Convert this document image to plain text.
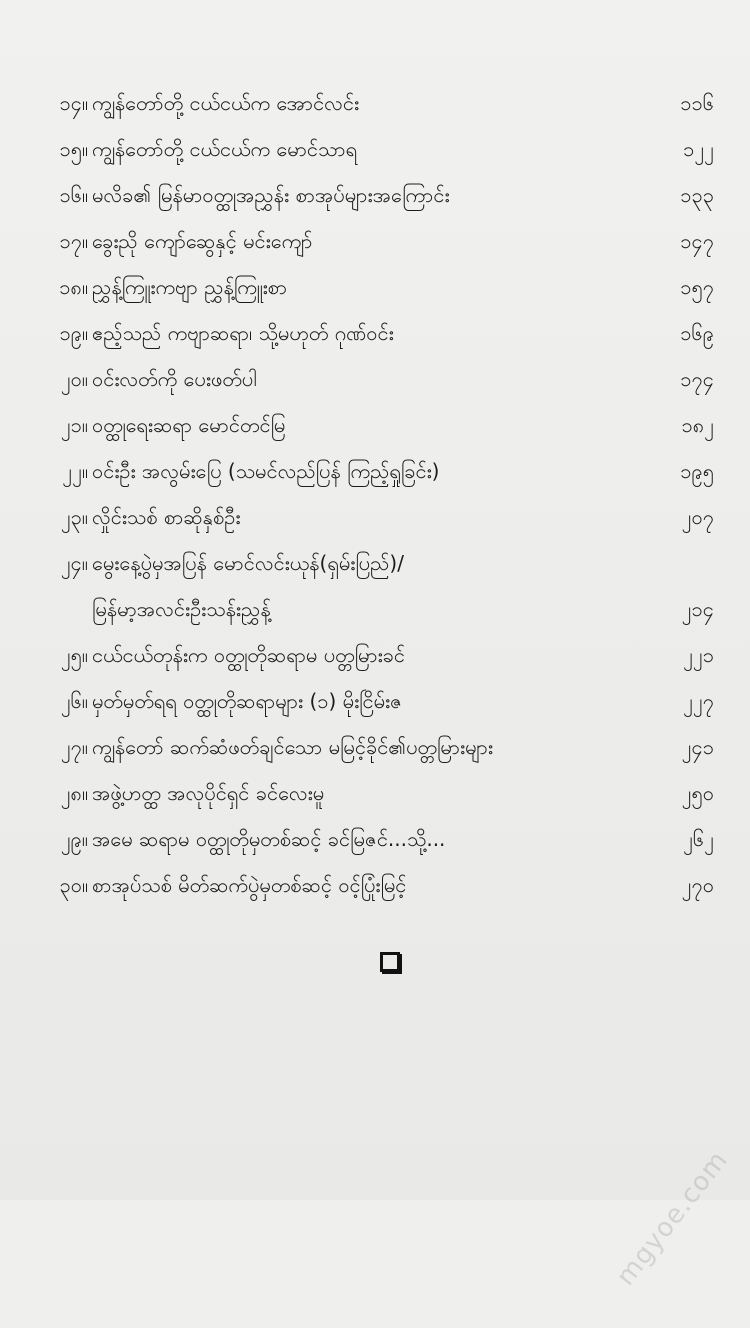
၁၄။ ကျွန်တော်တို့ ငယ်ငယ်က အောင်လင်း	၁၁၆
၁၅။ ကျွန်တော်တို့ ငယ်ငယ်က မောင်သာရ	၁၂၂
၁၆။ မလိခ၏ မြန်မာ၀တ္ထုအညွှန်း စာအုပ်များအကြောင်း	၁၃၃
၁၇။ ခွေးညို ကျော်ဆွေနှင့် မင်းကျော်	၁၄၇
၁၈။ ညွှန့်ကြူးကဗျာ ညွှန့်ကြူးစာ	၁၅၇
၁၉။ ဧည့်သည် ကဗျာဆရာ၊ သို့မဟုတ် ဂုဏ်ဝင်း	၁၆၉
၂၀။ ဝင်းလတ်ကို ပေးဖတ်ပါ	၁၇၄
၂၁။ ဝတ္ထုရေးဆရာ မောင်တင်မြ	၁၈၂
၂၂။ ဝင်းဦး အလွမ်းပြေ (သမင်လည်ပြန် ကြည့်ရှုခြင်း)	၁၉၅
၂၃။ လှိုင်းသစ် စာဆိုနှစ်ဦး	၂၀၇
၂၄။ မွေးနေ့ပွဲမှအပြန် မောင်လင်းယုန်(ရှမ်းပြည်)/
မြန်မာ့အလင်းဦးသန်းညွှန့်	၂၁၄
၂၅။ ငယ်ငယ်တုန်းက ဝတ္ထုတိုဆရာမ ပတ္တမြားခင်	၂၂၁
၂၆။ မှတ်မှတ်ရရ ဝတ္ထုတိုဆရာများ (၁) မိုးငြိမ်းဇ	၂၂၇
၂၇။ ကျွန်တော် ဆက်ဆံဖတ်ချင်သော မမြင့်ခိုင်၏ပတ္တမြားများ	၂၄၁
၂၈။ အဖွဲ့ဟတ္ထ အလုပိုင်ရှင် ခင်လေးမူ	၂၅၀
၂၉။ အမေ ဆရာမ ဝတ္ထုတိုမှတစ်ဆင့် ခင်မြဇင်...သို့...	၂၆၂
၃၀။ စာအုပ်သစ် မိတ်ဆက်ပွဲမှတစ်ဆင့် ဝင့်ပြုံးမြင့်	၂၇၀
mgyoe.com
